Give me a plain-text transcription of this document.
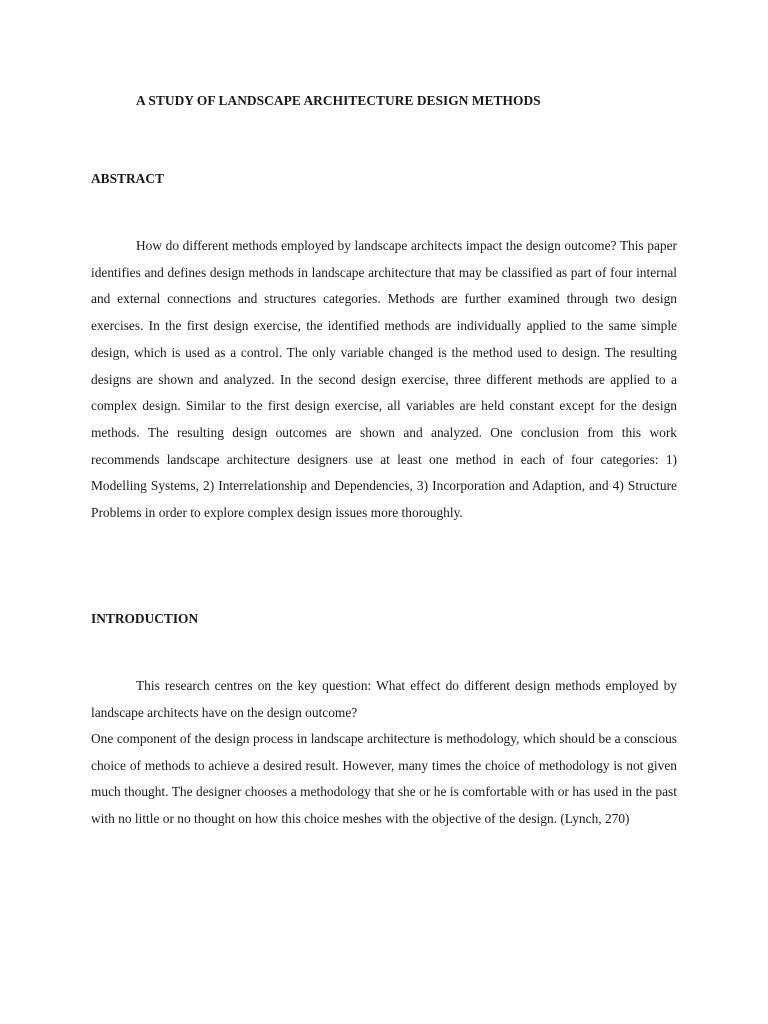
A STUDY OF LANDSCAPE ARCHITECTURE DESIGN METHODS
ABSTRACT

How do different methods employed by landscape architects impact the design outcome? This paper identifies and defines design methods in landscape architecture that may be classified as part of four internal and external connections and structures categories. Methods are further examined through two design exercises. In the first design exercise, the identified methods are individually applied to the same simple design, which is used as a control. The only variable changed is the method used to design. The resulting designs are shown and analyzed. In the second design exercise, three different methods are applied to a complex design. Similar to the first design exercise, all variables are held constant except for the design methods. The resulting design outcomes are shown and analyzed. One conclusion from this work recommends landscape architecture designers use at least one method in each of four categories: 1) Modelling Systems, 2) Interrelationship and Dependencies, 3) Incorporation and Adaption, and 4) Structure Problems in order to explore complex design issues more thoroughly.

INTRODUCTION

This research centres on the key question: What effect do different design methods employed by landscape architects have on the design outcome?

One component of the design process in landscape architecture is methodology, which should be a conscious choice of methods to achieve a desired result. However, many times the choice of methodology is not given much thought. The designer chooses a methodology that she or he is comfortable with or has used in the past with no little or no thought on how this choice meshes with the objective of the design. (Lynch, 270)
